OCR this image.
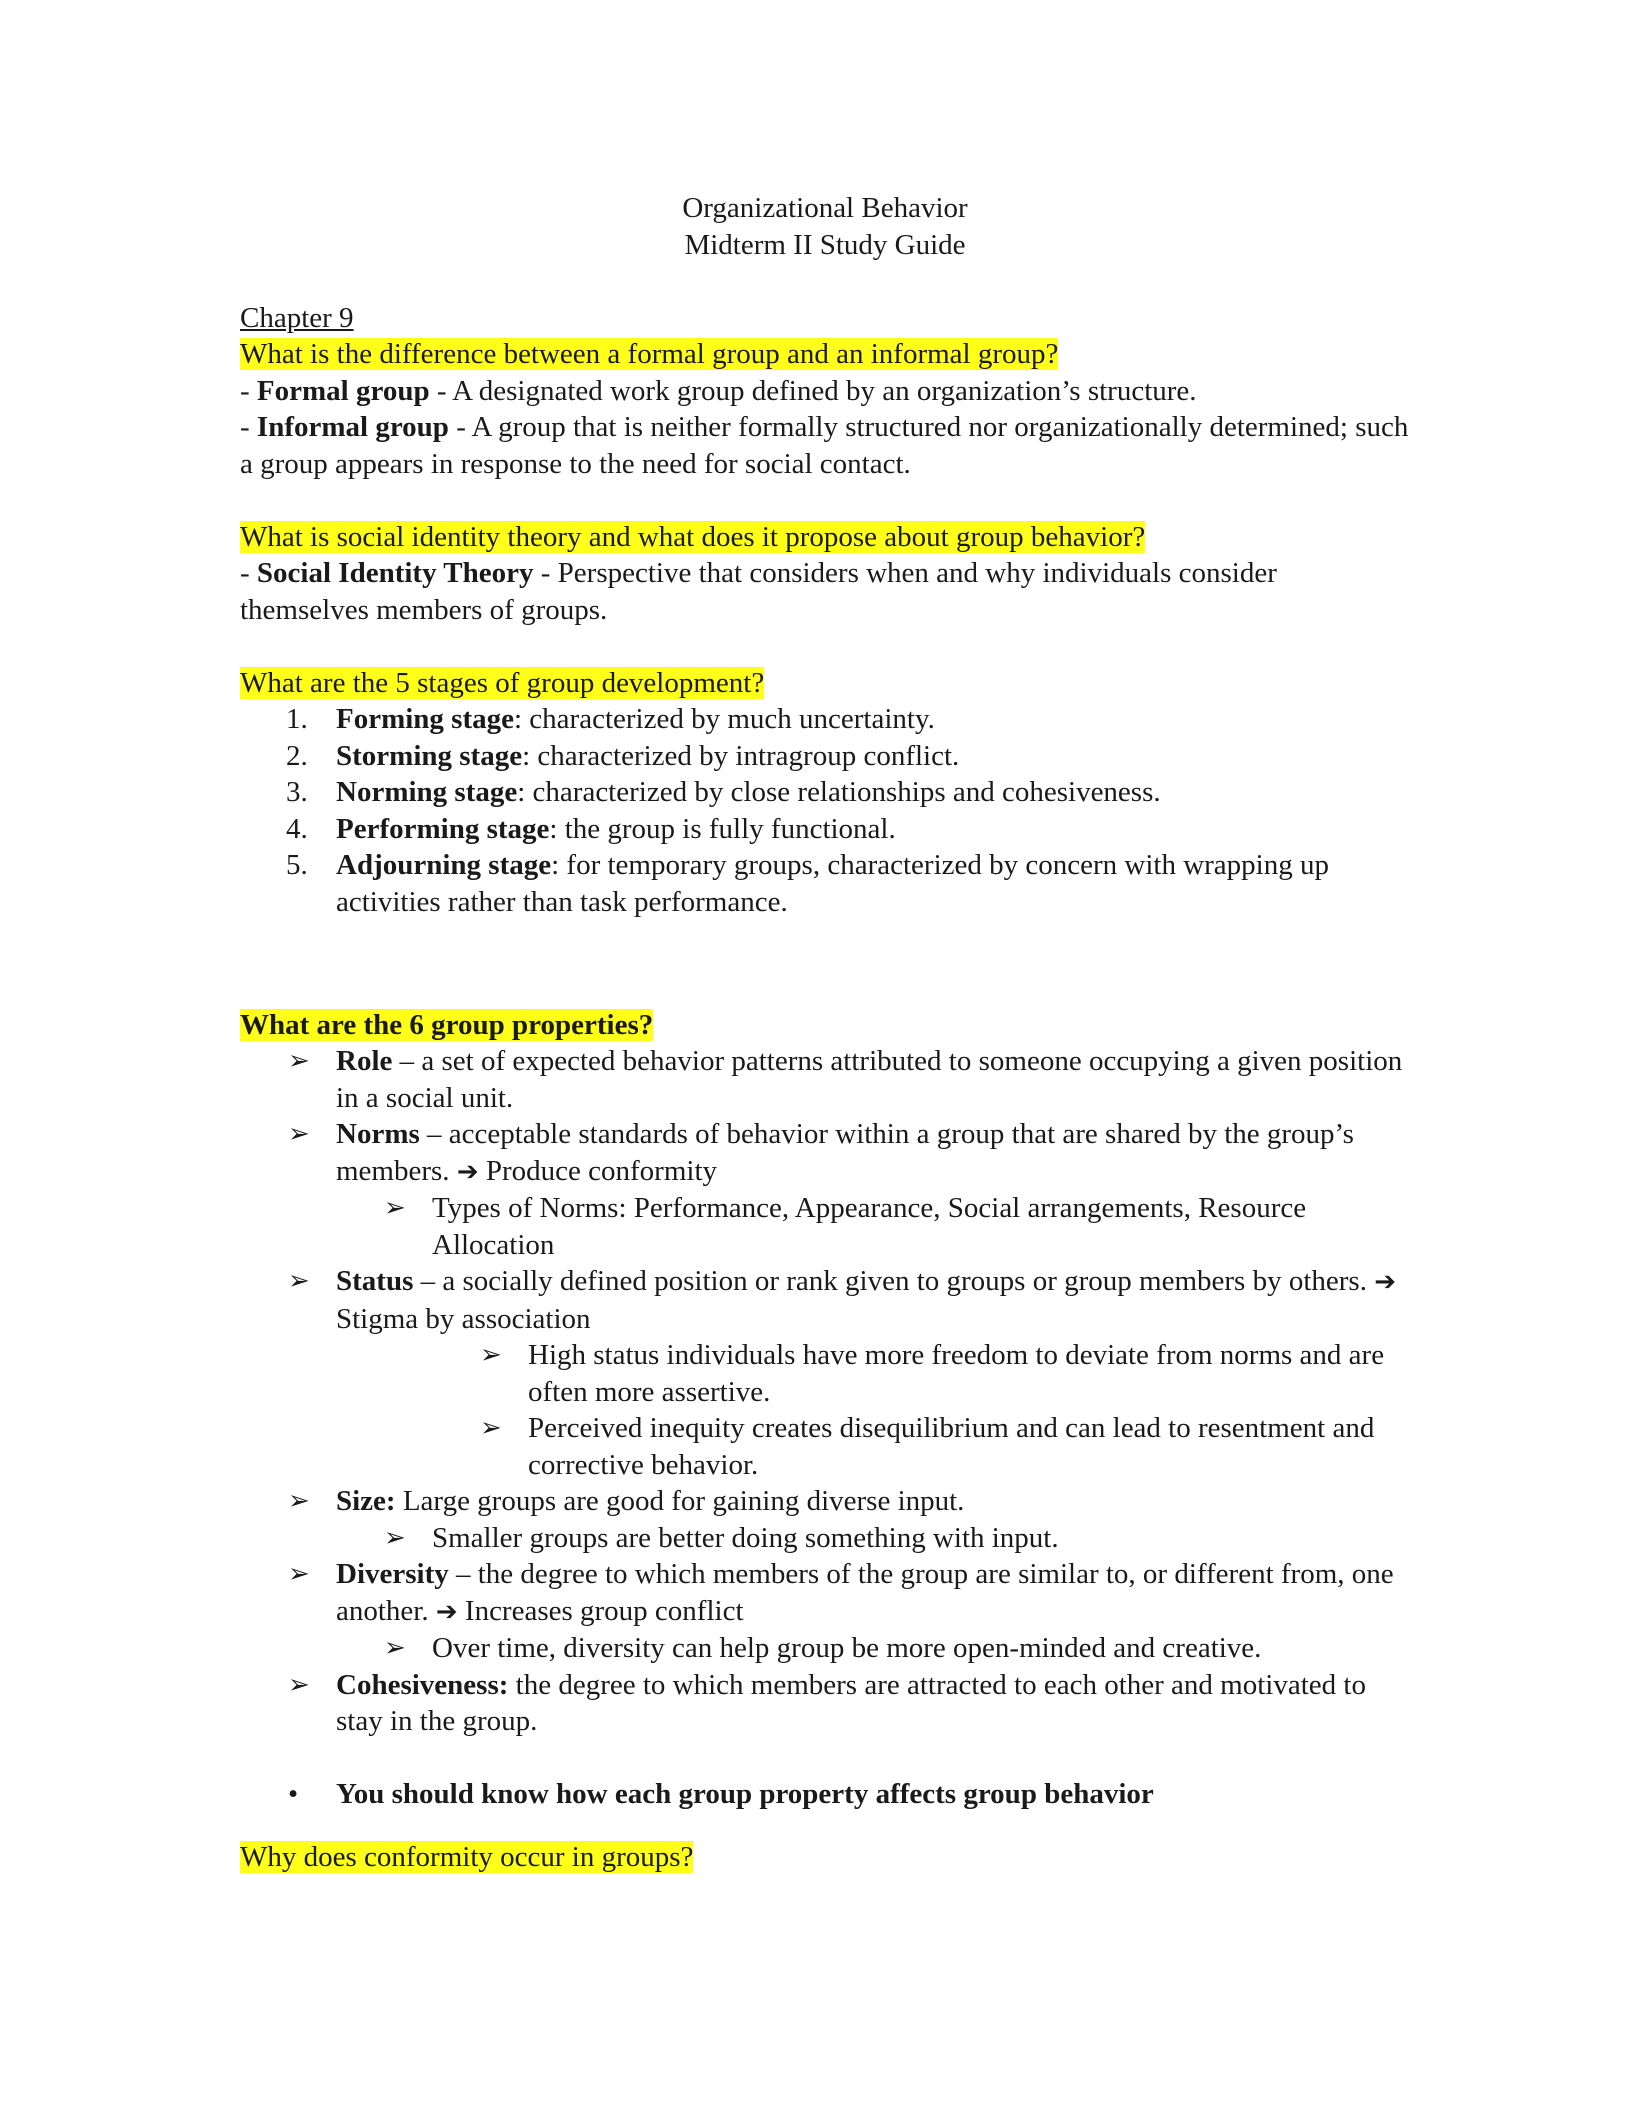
Organizational Behavior
Midterm II Study Guide
Chapter 9
What is the difference between a formal group and an informal group?
- Formal group - A designated work group defined by an organization’s structure.
- Informal group - A group that is neither formally structured nor organizationally determined; such a group appears in response to the need for social contact.
What is social identity theory and what does it propose about group behavior?
- Social Identity Theory - Perspective that considers when and why individuals consider themselves members of groups.
What are the 5 stages of group development?
1. Forming stage: characterized by much uncertainty.
2. Storming stage: characterized by intragroup conflict.
3. Norming stage: characterized by close relationships and cohesiveness.
4. Performing stage: the group is fully functional.
5. Adjourning stage: for temporary groups, characterized by concern with wrapping up activities rather than task performance.
What are the 6 group properties?
➢ Role – a set of expected behavior patterns attributed to someone occupying a given position in a social unit.
➢ Norms – acceptable standards of behavior within a group that are shared by the group’s members. ➔ Produce conformity
➢ Types of Norms: Performance, Appearance, Social arrangements, Resource Allocation
➢ Status – a socially defined position or rank given to groups or group members by others. ➔ Stigma by association
➢ High status individuals have more freedom to deviate from norms and are often more assertive.
➢ Perceived inequity creates disequilibrium and can lead to resentment and corrective behavior.
➢ Size: Large groups are good for gaining diverse input.
➢ Smaller groups are better doing something with input.
➢ Diversity – the degree to which members of the group are similar to, or different from, one another. ➔ Increases group conflict
➢ Over time, diversity can help group be more open-minded and creative.
➢ Cohesiveness: the degree to which members are attracted to each other and motivated to stay in the group.
• You should know how each group property affects group behavior
Why does conformity occur in groups?
